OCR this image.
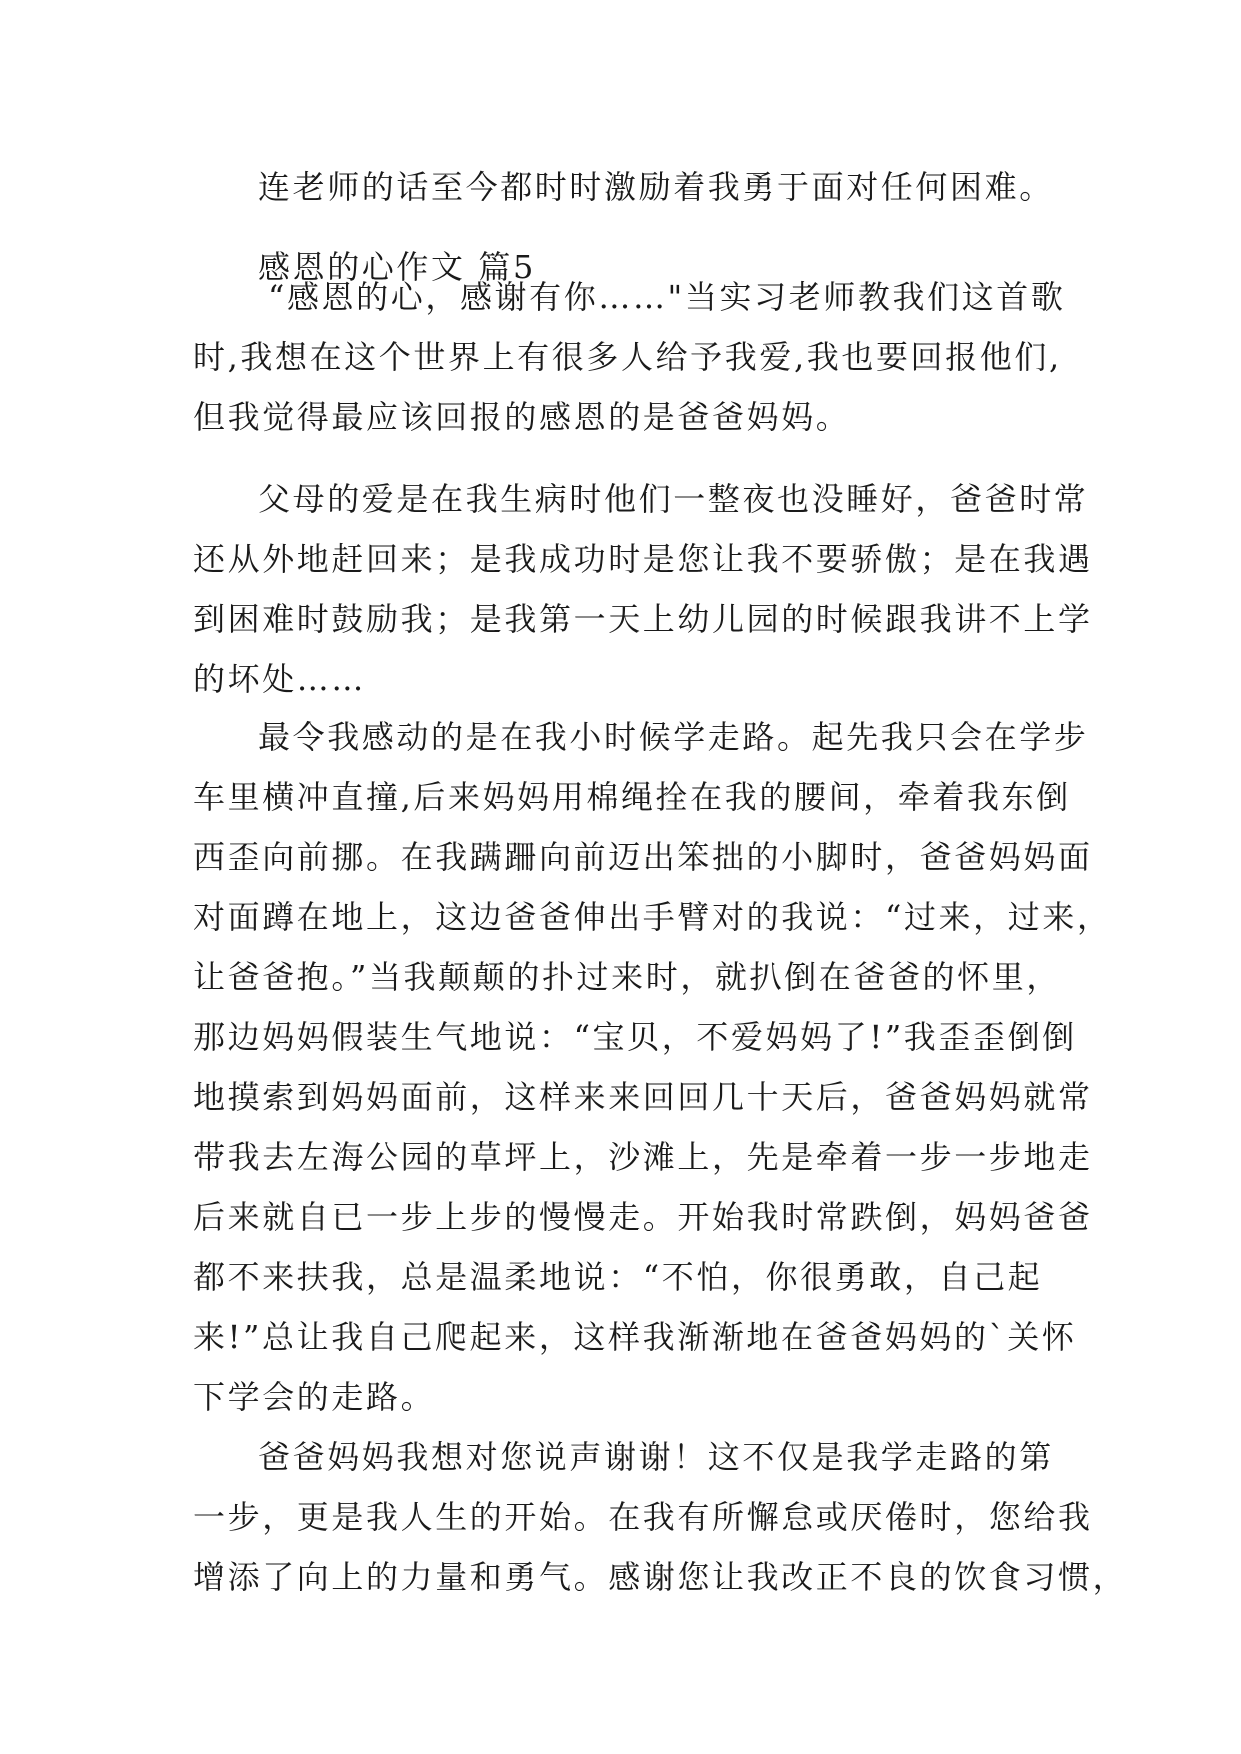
连老师的话至今都时时激励着我勇于面对任何困难。
感恩的心作文 篇5
“感恩的心，感谢有你……"当实习老师教我们这首歌
时,我想在这个世界上有很多人给予我爱,我也要回报他们,
但我觉得最应该回报的感恩的是爸爸妈妈。
父母的爱是在我生病时他们一整夜也没睡好，爸爸时常
还从外地赶回来；是我成功时是您让我不要骄傲；是在我遇
到困难时鼓励我；是我第一天上幼儿园的时候跟我讲不上学
的坏处……
最令我感动的是在我小时候学走路。起先我只会在学步
车里横冲直撞,后来妈妈用棉绳拴在我的腰间，牵着我东倒
西歪向前挪。在我蹒跚向前迈出笨拙的小脚时，爸爸妈妈面
对面蹲在地上，这边爸爸伸出手臂对的我说：“过来，过来，
让爸爸抱。”当我颠颠的扑过来时，就扒倒在爸爸的怀里，
那边妈妈假装生气地说：“宝贝，不爱妈妈了!”我歪歪倒倒
地摸索到妈妈面前，这样来来回回几十天后，爸爸妈妈就常
带我去左海公园的草坪上，沙滩上，先是牵着一步一步地走
后来就自已一步上步的慢慢走。开始我时常跌倒，妈妈爸爸
都不来扶我，总是温柔地说：“不怕，你很勇敢，自己起
来!”总让我自己爬起来，这样我渐渐地在爸爸妈妈的`关怀
下学会的走路。
爸爸妈妈我想对您说声谢谢！这不仅是我学走路的第
一步，更是我人生的开始。在我有所懈怠或厌倦时，您给我
增添了向上的力量和勇气。感谢您让我改正不良的饮食习惯，
